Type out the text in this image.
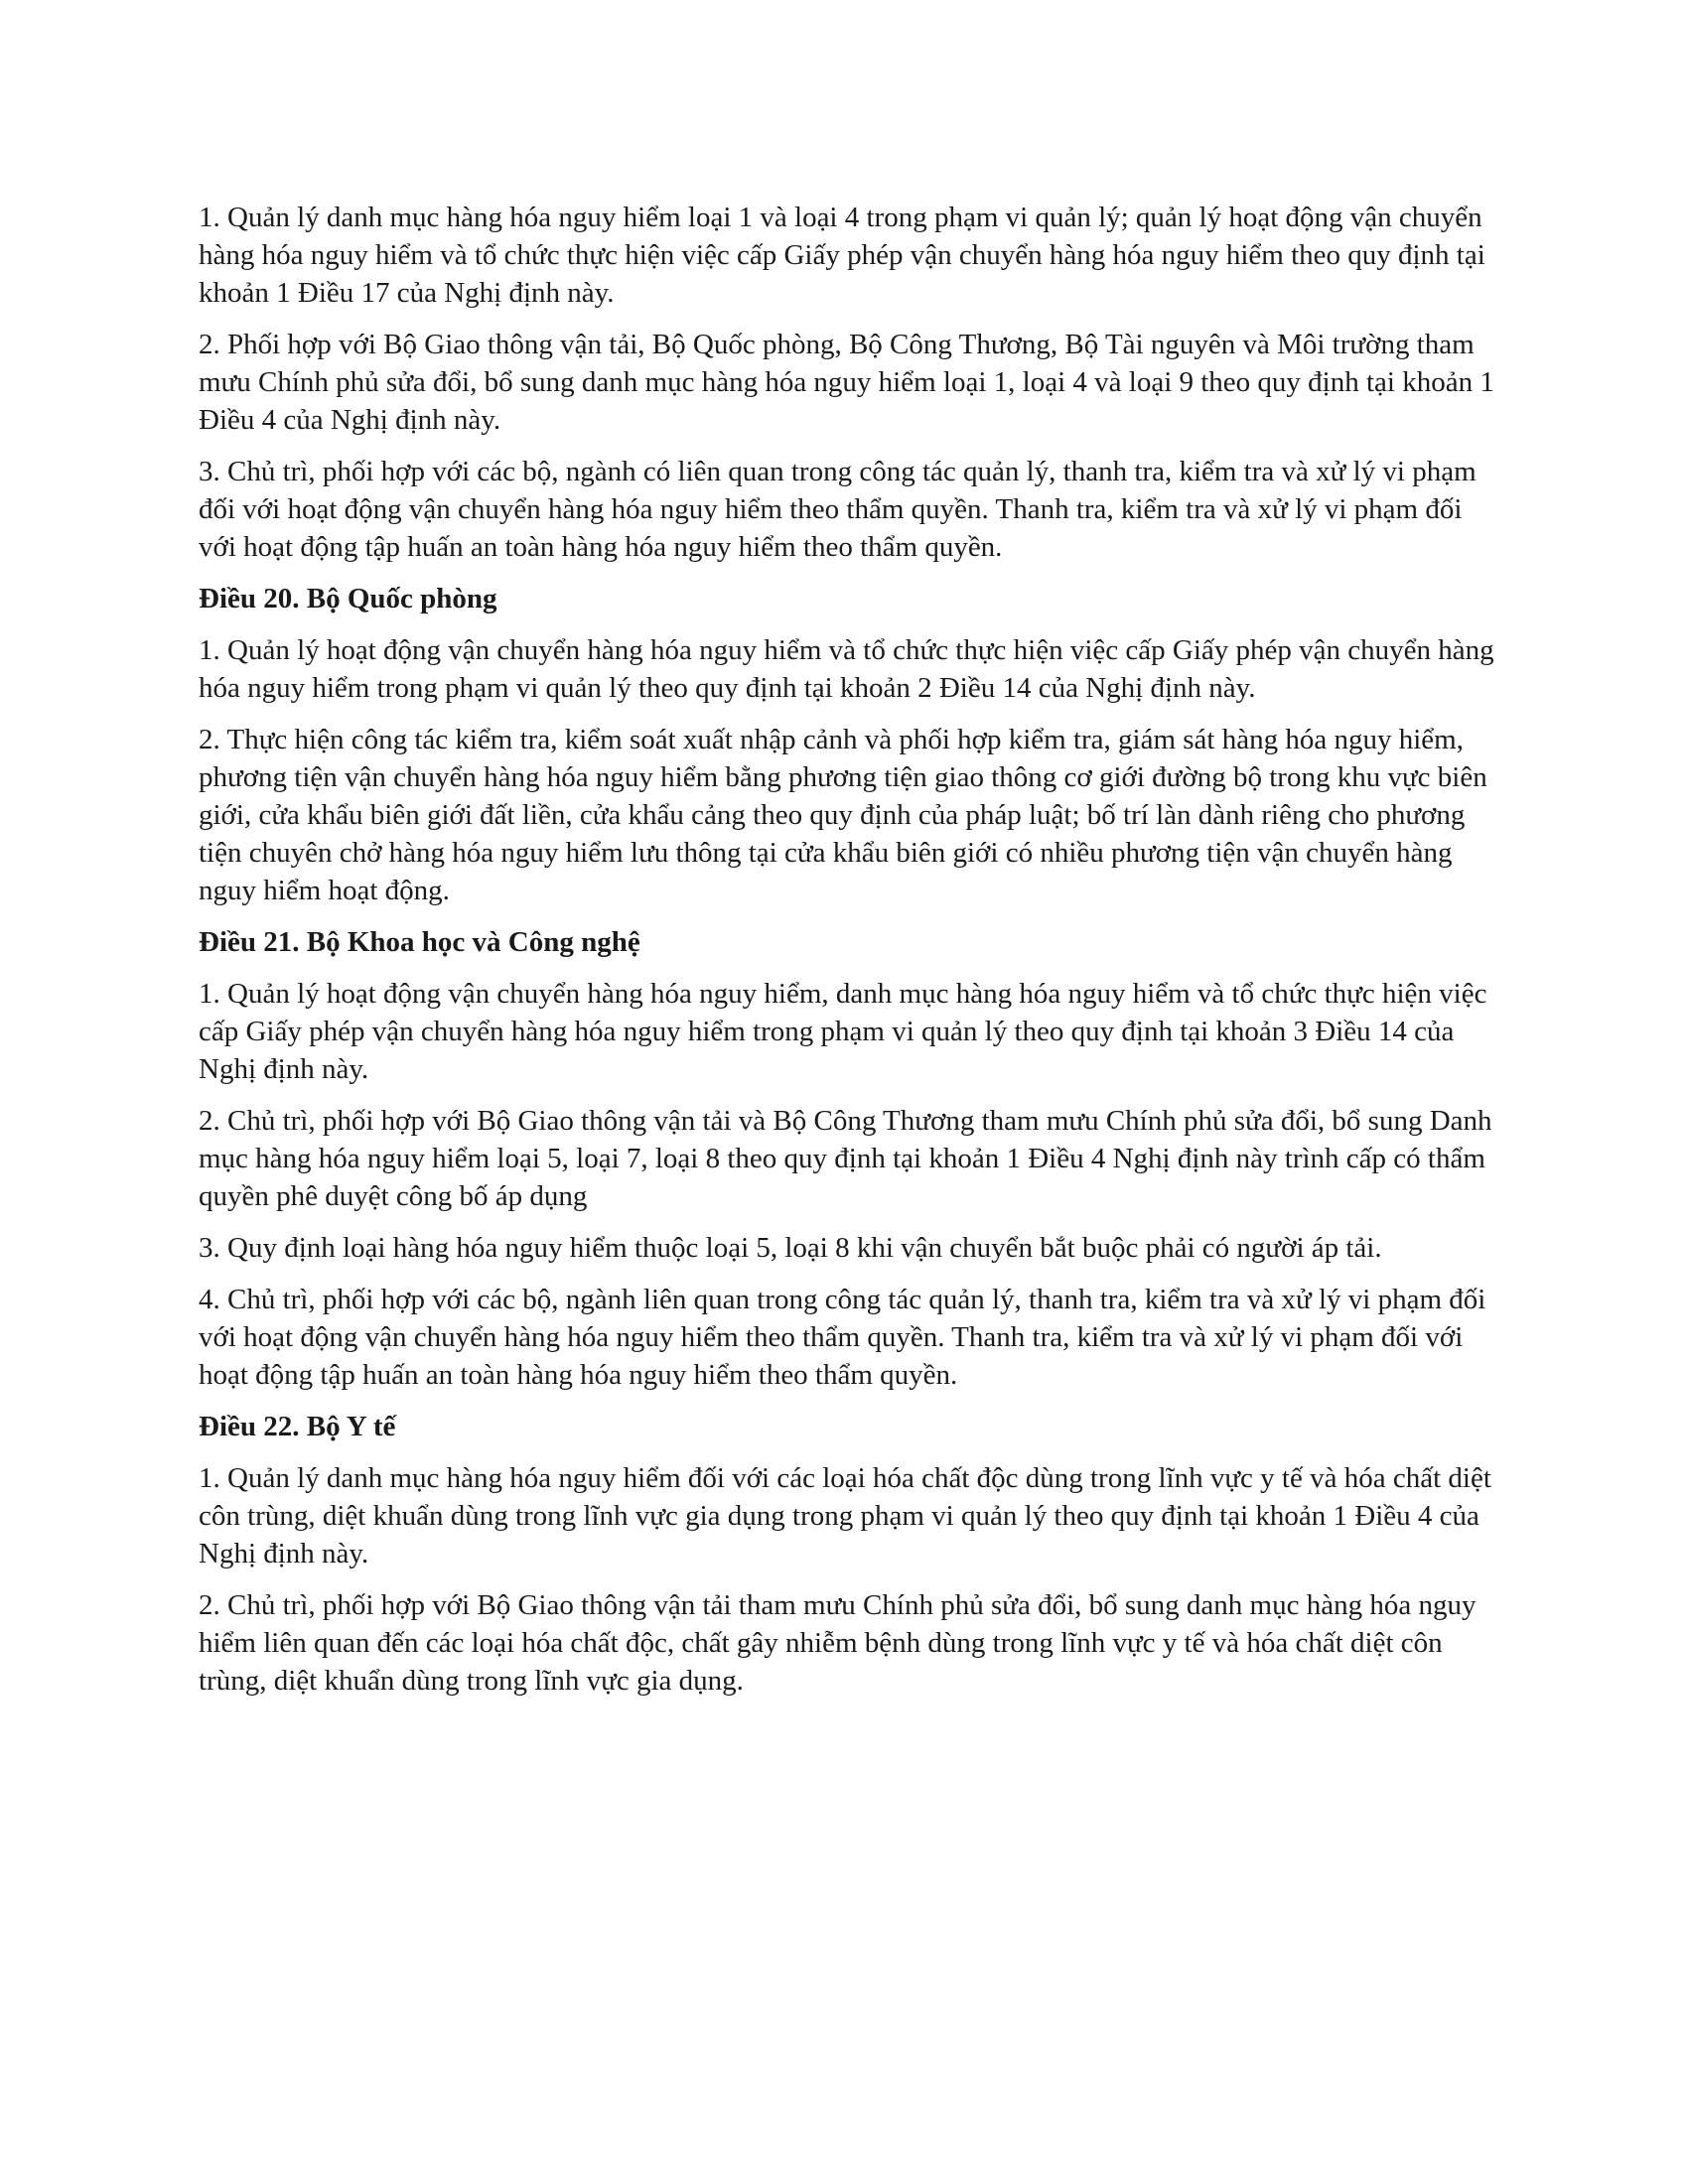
1. Quản lý danh mục hàng hóa nguy hiểm loại 1 và loại 4 trong phạm vi quản lý; quản lý hoạt động vận chuyển hàng hóa nguy hiểm và tổ chức thực hiện việc cấp Giấy phép vận chuyển hàng hóa nguy hiểm theo quy định tại khoản 1 Điều 17 của Nghị định này.

2. Phối hợp với Bộ Giao thông vận tải, Bộ Quốc phòng, Bộ Công Thương, Bộ Tài nguyên và Môi trường tham mưu Chính phủ sửa đổi, bổ sung danh mục hàng hóa nguy hiểm loại 1, loại 4 và loại 9 theo quy định tại khoản 1 Điều 4 của Nghị định này.

3. Chủ trì, phối hợp với các bộ, ngành có liên quan trong công tác quản lý, thanh tra, kiểm tra và xử lý vi phạm đối với hoạt động vận chuyển hàng hóa nguy hiểm theo thẩm quyền. Thanh tra, kiểm tra và xử lý vi phạm đối với hoạt động tập huấn an toàn hàng hóa nguy hiểm theo thẩm quyền.

Điều 20. Bộ Quốc phòng

1. Quản lý hoạt động vận chuyển hàng hóa nguy hiểm và tổ chức thực hiện việc cấp Giấy phép vận chuyển hàng hóa nguy hiểm trong phạm vi quản lý theo quy định tại khoản 2 Điều 14 của Nghị định này.

2. Thực hiện công tác kiểm tra, kiểm soát xuất nhập cảnh và phối hợp kiểm tra, giám sát hàng hóa nguy hiểm, phương tiện vận chuyển hàng hóa nguy hiểm bằng phương tiện giao thông cơ giới đường bộ trong khu vực biên giới, cửa khẩu biên giới đất liền, cửa khẩu cảng theo quy định của pháp luật; bố trí làn dành riêng cho phương tiện chuyên chở hàng hóa nguy hiểm lưu thông tại cửa khẩu biên giới có nhiều phương tiện vận chuyển hàng nguy hiểm hoạt động.

Điều 21. Bộ Khoa học và Công nghệ

1. Quản lý hoạt động vận chuyển hàng hóa nguy hiểm, danh mục hàng hóa nguy hiểm và tổ chức thực hiện việc cấp Giấy phép vận chuyển hàng hóa nguy hiểm trong phạm vi quản lý theo quy định tại khoản 3 Điều 14 của Nghị định này.

2. Chủ trì, phối hợp với Bộ Giao thông vận tải và Bộ Công Thương tham mưu Chính phủ sửa đổi, bổ sung Danh mục hàng hóa nguy hiểm loại 5, loại 7, loại 8 theo quy định tại khoản 1 Điều 4 Nghị định này trình cấp có thẩm quyền phê duyệt công bố áp dụng

3. Quy định loại hàng hóa nguy hiểm thuộc loại 5, loại 8 khi vận chuyển bắt buộc phải có người áp tải.

4. Chủ trì, phối hợp với các bộ, ngành liên quan trong công tác quản lý, thanh tra, kiểm tra và xử lý vi phạm đối với hoạt động vận chuyển hàng hóa nguy hiểm theo thẩm quyền. Thanh tra, kiểm tra và xử lý vi phạm đối với hoạt động tập huấn an toàn hàng hóa nguy hiểm theo thẩm quyền.

Điều 22. Bộ Y tế

1. Quản lý danh mục hàng hóa nguy hiểm đối với các loại hóa chất độc dùng trong lĩnh vực y tế và hóa chất diệt côn trùng, diệt khuẩn dùng trong lĩnh vực gia dụng trong phạm vi quản lý theo quy định tại khoản 1 Điều 4 của Nghị định này.

2. Chủ trì, phối hợp với Bộ Giao thông vận tải tham mưu Chính phủ sửa đổi, bổ sung danh mục hàng hóa nguy hiểm liên quan đến các loại hóa chất độc, chất gây nhiễm bệnh dùng trong lĩnh vực y tế và hóa chất diệt côn trùng, diệt khuẩn dùng trong lĩnh vực gia dụng.
